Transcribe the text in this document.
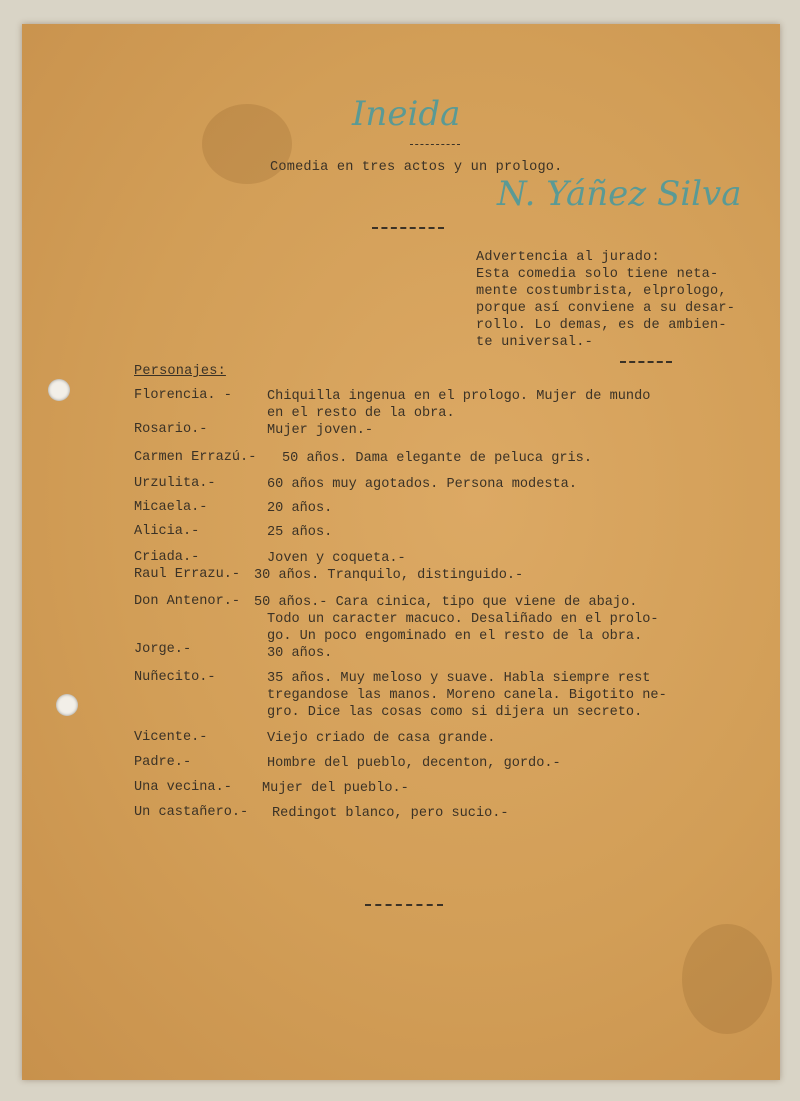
Ineida
Comedia en tres actos y un prologo.
N. Yáñez Silva
Advertencia al jurado:
Esta comedia solo tiene neta-
mente costumbrista, elprologo,
porque así conviene a su desar-
rollo. Lo demas, es de ambien-
te universal.-
Personajes:
Florencia. -	Chiquilla ingenua en el prologo. Mujer de mundo
en el resto de la obra.
Rosario.-	Mujer joven.-
Carmen Errazú.- 50 años. Dama elegante de peluca gris.
Urzulita.-	60 años muy agotados. Persona modesta.
Micaela.-	20 años.
Alicia.-	25 años.
Criada.-	Joven y coqueta.-
Raul Errazu.- 30 años. Tranquilo, distinguido.-
Don Antenor.- 50 años.- Cara cinica, tipo que viene de abajo.
Todo un caracter macuco. Desaliñado en el prolo-
go. Un poco engominado en el resto de la obra.
Jorge.-	30 años.
Nuñecito.-	35 años. Muy meloso y suave. Habla siempre rest
tregandose las manos. Moreno canela. Bigotito ne-
gro. Dice las cosas como si dijera un secreto.
Vicente.-	Viejo criado de casa grande.
Padre.-	Hombre del pueblo, decenton, gordo.-
Una vecina.- Mujer del pueblo.-
Un castañero.- Redingot blanco, pero sucio.-
